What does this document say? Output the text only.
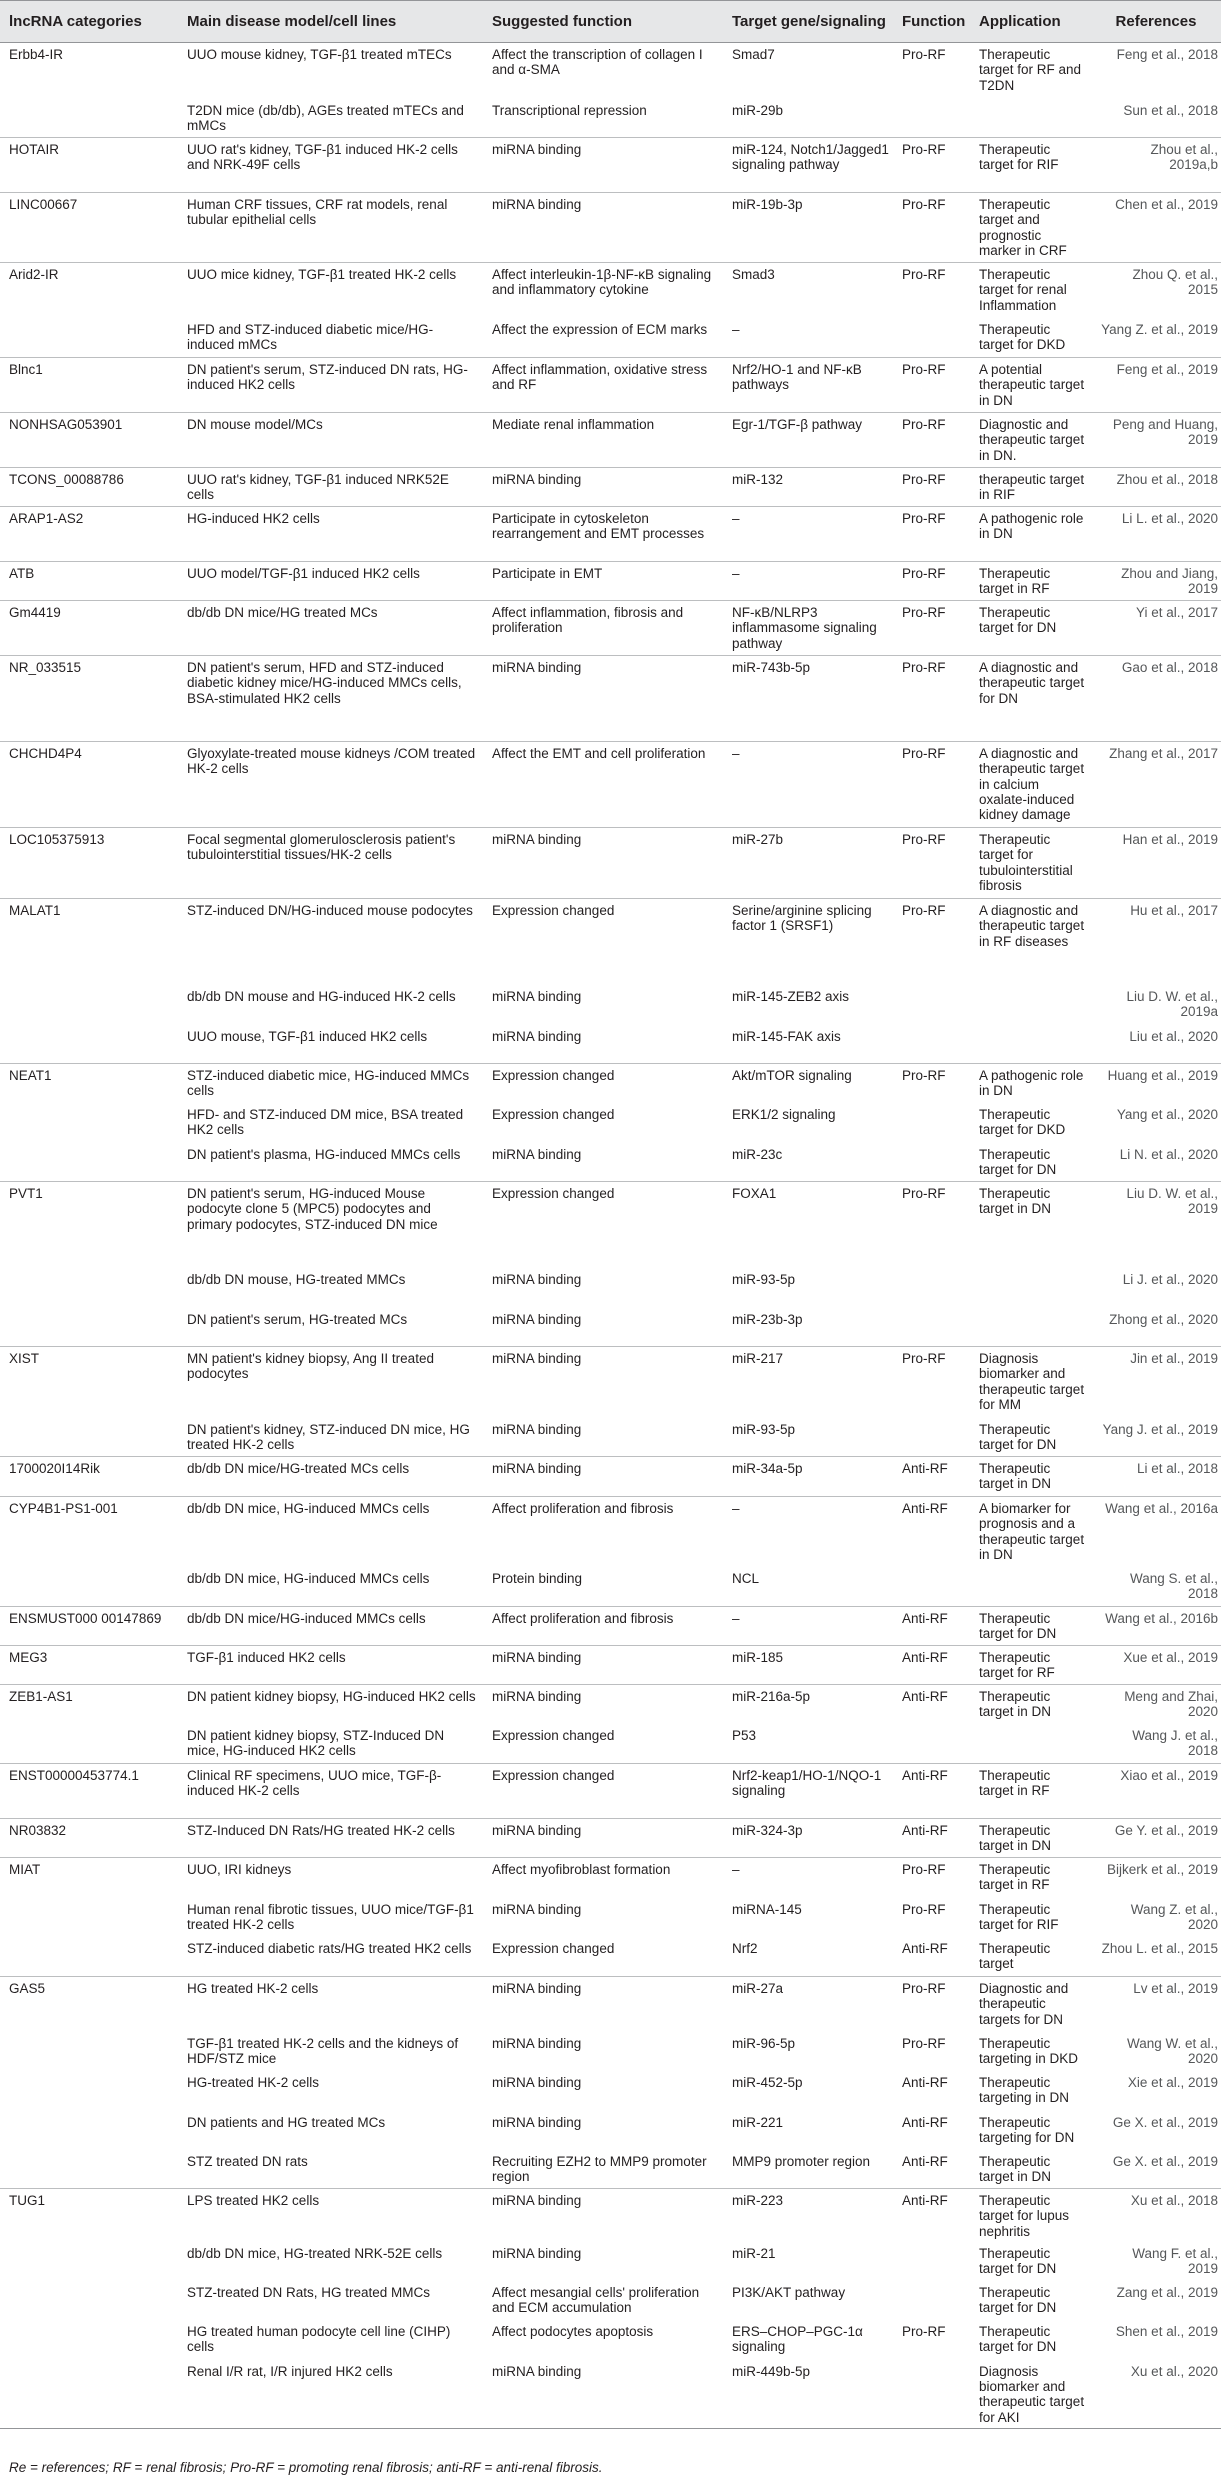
lncRNA categories	Main disease model/cell lines	Suggested function	Target gene/signaling	Function	Application	References
Erbb4-IR	UUO mouse kidney, TGF-β1 treated mTECs	Affect the transcription of collagen I and α-SMA	Smad7	Pro-RF	Therapeutic target for RF and T2DN	Feng et al., 2018
	T2DN mice (db/db), AGEs treated mTECs and mMCs	Transcriptional repression	miR-29b			Sun et al., 2018
HOTAIR	UUO rat's kidney, TGF-β1 induced HK-2 cells and NRK-49F cells	miRNA binding	miR-124, Notch1/Jagged1 signaling pathway	Pro-RF	Therapeutic target for RIF	Zhou et al., 2019a,b
LINC00667	Human CRF tissues, CRF rat models, renal tubular epithelial cells	miRNA binding	miR-19b-3p	Pro-RF	Therapeutic target and prognostic marker in CRF	Chen et al., 2019
Arid2-IR	UUO mice kidney, TGF-β1 treated HK-2 cells	Affect interleukin-1β-NF-κB signaling and inflammatory cytokine	Smad3	Pro-RF	Therapeutic target for renal Inflammation	Zhou Q. et al., 2015
	HFD and STZ-induced diabetic mice/HG-induced mMCs	Affect the expression of ECM marks	–		Therapeutic target for DKD	Yang Z. et al., 2019
Blnc1	DN patient's serum, STZ-induced DN rats, HG-induced HK2 cells	Affect inflammation, oxidative stress and RF	Nrf2/HO-1 and NF-κB pathways	Pro-RF	A potential therapeutic target in DN	Feng et al., 2019
NONHSAG053901	DN mouse model/MCs	Mediate renal inflammation	Egr-1/TGF-β pathway	Pro-RF	Diagnostic and therapeutic target in DN.	Peng and Huang, 2019
TCONS_00088786	UUO rat's kidney, TGF-β1 induced NRK52E cells	miRNA binding	miR-132	Pro-RF	therapeutic target in RIF	Zhou et al., 2018
ARAP1-AS2	HG-induced HK2 cells	Participate in cytoskeleton rearrangement and EMT processes	–	Pro-RF	A pathogenic role in DN	Li L. et al., 2020
ATB	UUO model/TGF-β1 induced HK2 cells	Participate in EMT	–	Pro-RF	Therapeutic target in RF	Zhou and Jiang, 2019
Gm4419	db/db DN mice/HG treated MCs	Affect inflammation, fibrosis and proliferation	NF-κB/NLRP3 inflammasome signaling pathway	Pro-RF	Therapeutic target for DN	Yi et al., 2017
NR_033515	DN patient's serum, HFD and STZ-induced diabetic kidney mice/HG-induced MMCs cells, BSA-stimulated HK2 cells	miRNA binding	miR-743b-5p	Pro-RF	A diagnostic and therapeutic target for DN	Gao et al., 2018
CHCHD4P4	Glyoxylate-treated mouse kidneys /COM treated HK-2 cells	Affect the EMT and cell proliferation	–	Pro-RF	A diagnostic and therapeutic target in calcium oxalate-induced kidney damage	Zhang et al., 2017
LOC105375913	Focal segmental glomerulosclerosis patient's tubulointerstitial tissues/HK-2 cells	miRNA binding	miR-27b	Pro-RF	Therapeutic target for tubulointerstitial fibrosis	Han et al., 2019
MALAT1	STZ-induced DN/HG-induced mouse podocytes	Expression changed	Serine/arginine splicing factor 1 (SRSF1)	Pro-RF	A diagnostic and therapeutic target in RF diseases	Hu et al., 2017
	db/db DN mouse and HG-induced HK-2 cells	miRNA binding	miR-145-ZEB2 axis			Liu D. W. et al., 2019a
	UUO mouse, TGF-β1 induced HK2 cells	miRNA binding	miR-145-FAK axis			Liu et al., 2020
NEAT1	STZ-induced diabetic mice, HG-induced MMCs cells	Expression changed	Akt/mTOR signaling	Pro-RF	A pathogenic role in DN	Huang et al., 2019
	HFD- and STZ-induced DM mice, BSA treated HK2 cells	Expression changed	ERK1/2 signaling		Therapeutic target for DKD	Yang et al., 2020
	DN patient's plasma, HG-induced MMCs cells	miRNA binding	miR-23c		Therapeutic target for DN	Li N. et al., 2020
PVT1	DN patient's serum, HG-induced Mouse podocyte clone 5 (MPC5) podocytes and primary podocytes, STZ-induced DN mice	Expression changed	FOXA1	Pro-RF	Therapeutic target in DN	Liu D. W. et al., 2019
	db/db DN mouse, HG-treated MMCs	miRNA binding	miR-93-5p			Li J. et al., 2020
	DN patient's serum, HG-treated MCs	miRNA binding	miR-23b-3p			Zhong et al., 2020
XIST	MN patient's kidney biopsy, Ang II treated podocytes	miRNA binding	miR-217	Pro-RF	Diagnosis biomarker and therapeutic target for MM	Jin et al., 2019
	DN patient's kidney, STZ-induced DN mice, HG treated HK-2 cells	miRNA binding	miR-93-5p		Therapeutic target for DN	Yang J. et al., 2019
1700020I14Rik	db/db DN mice/HG-treated MCs cells	miRNA binding	miR-34a-5p	Anti-RF	Therapeutic target in DN	Li et al., 2018
CYP4B1-PS1-001	db/db DN mice, HG-induced MMCs cells	Affect proliferation and fibrosis	–	Anti-RF	A biomarker for prognosis and a therapeutic target in DN	Wang et al., 2016a
	db/db DN mice, HG-induced MMCs cells	Protein binding	NCL			Wang S. et al., 2018
ENSMUST000 00147869	db/db DN mice/HG-induced MMCs cells	Affect proliferation and fibrosis	–	Anti-RF	Therapeutic target for DN	Wang et al., 2016b
MEG3	TGF-β1 induced HK2 cells	miRNA binding	miR-185	Anti-RF	Therapeutic target for RF	Xue et al., 2019
ZEB1-AS1	DN patient kidney biopsy, HG-induced HK2 cells	miRNA binding	miR-216a-5p	Anti-RF	Therapeutic target in DN	Meng and Zhai, 2020
	DN patient kidney biopsy, STZ-Induced DN mice, HG-induced HK2 cells	Expression changed	P53			Wang J. et al., 2018
ENST00000453774.1	Clinical RF specimens, UUO mice, TGF-β-induced HK-2 cells	Expression changed	Nrf2-keap1/HO-1/NQO-1 signaling	Anti-RF	Therapeutic target in RF	Xiao et al., 2019
NR03832	STZ-Induced DN Rats/HG treated HK-2 cells	miRNA binding	miR-324-3p	Anti-RF	Therapeutic target in DN	Ge Y. et al., 2019
MIAT	UUO, IRI kidneys	Affect myofibroblast formation	–	Pro-RF	Therapeutic target in RF	Bijkerk et al., 2019
	Human renal fibrotic tissues, UUO mice/TGF-β1 treated HK-2 cells	miRNA binding	miRNA-145	Pro-RF	Therapeutic target for RIF	Wang Z. et al., 2020
	STZ-induced diabetic rats/HG treated HK2 cells	Expression changed	Nrf2	Anti-RF	Therapeutic target	Zhou L. et al., 2015
GAS5	HG treated HK-2 cells	miRNA binding	miR-27a	Pro-RF	Diagnostic and therapeutic targets for DN	Lv et al., 2019
	TGF-β1 treated HK-2 cells and the kidneys of HDF/STZ mice	miRNA binding	miR-96-5p	Pro-RF	Therapeutic targeting in DKD	Wang W. et al., 2020
	HG-treated HK-2 cells	miRNA binding	miR-452-5p	Anti-RF	Therapeutic targeting in DN	Xie et al., 2019
	DN patients and HG treated MCs	miRNA binding	miR-221	Anti-RF	Therapeutic targeting for DN	Ge X. et al., 2019
	STZ treated DN rats	Recruiting EZH2 to MMP9 promoter region	MMP9 promoter region	Anti-RF	Therapeutic target in DN	Ge X. et al., 2019
TUG1	LPS treated HK2 cells	miRNA binding	miR-223	Anti-RF	Therapeutic target for lupus nephritis	Xu et al., 2018
	db/db DN mice, HG-treated NRK-52E cells	miRNA binding	miR-21		Therapeutic target for DN	Wang F. et al., 2019
	STZ-treated DN Rats, HG treated MMCs	Affect mesangial cells' proliferation and ECM accumulation	PI3K/AKT pathway		Therapeutic target for DN	Zang et al., 2019
	HG treated human podocyte cell line (CIHP) cells	Affect podocytes apoptosis	ERS–CHOP–PGC-1α signaling	Pro-RF	Therapeutic target for DN	Shen et al., 2019
	Renal I/R rat, I/R injured HK2 cells	miRNA binding	miR-449b-5p		Diagnosis biomarker and therapeutic target for AKI	Xu et al., 2020
Re = references; RF = renal fibrosis; Pro-RF = promoting renal fibrosis; anti-RF = anti-renal fibrosis.
